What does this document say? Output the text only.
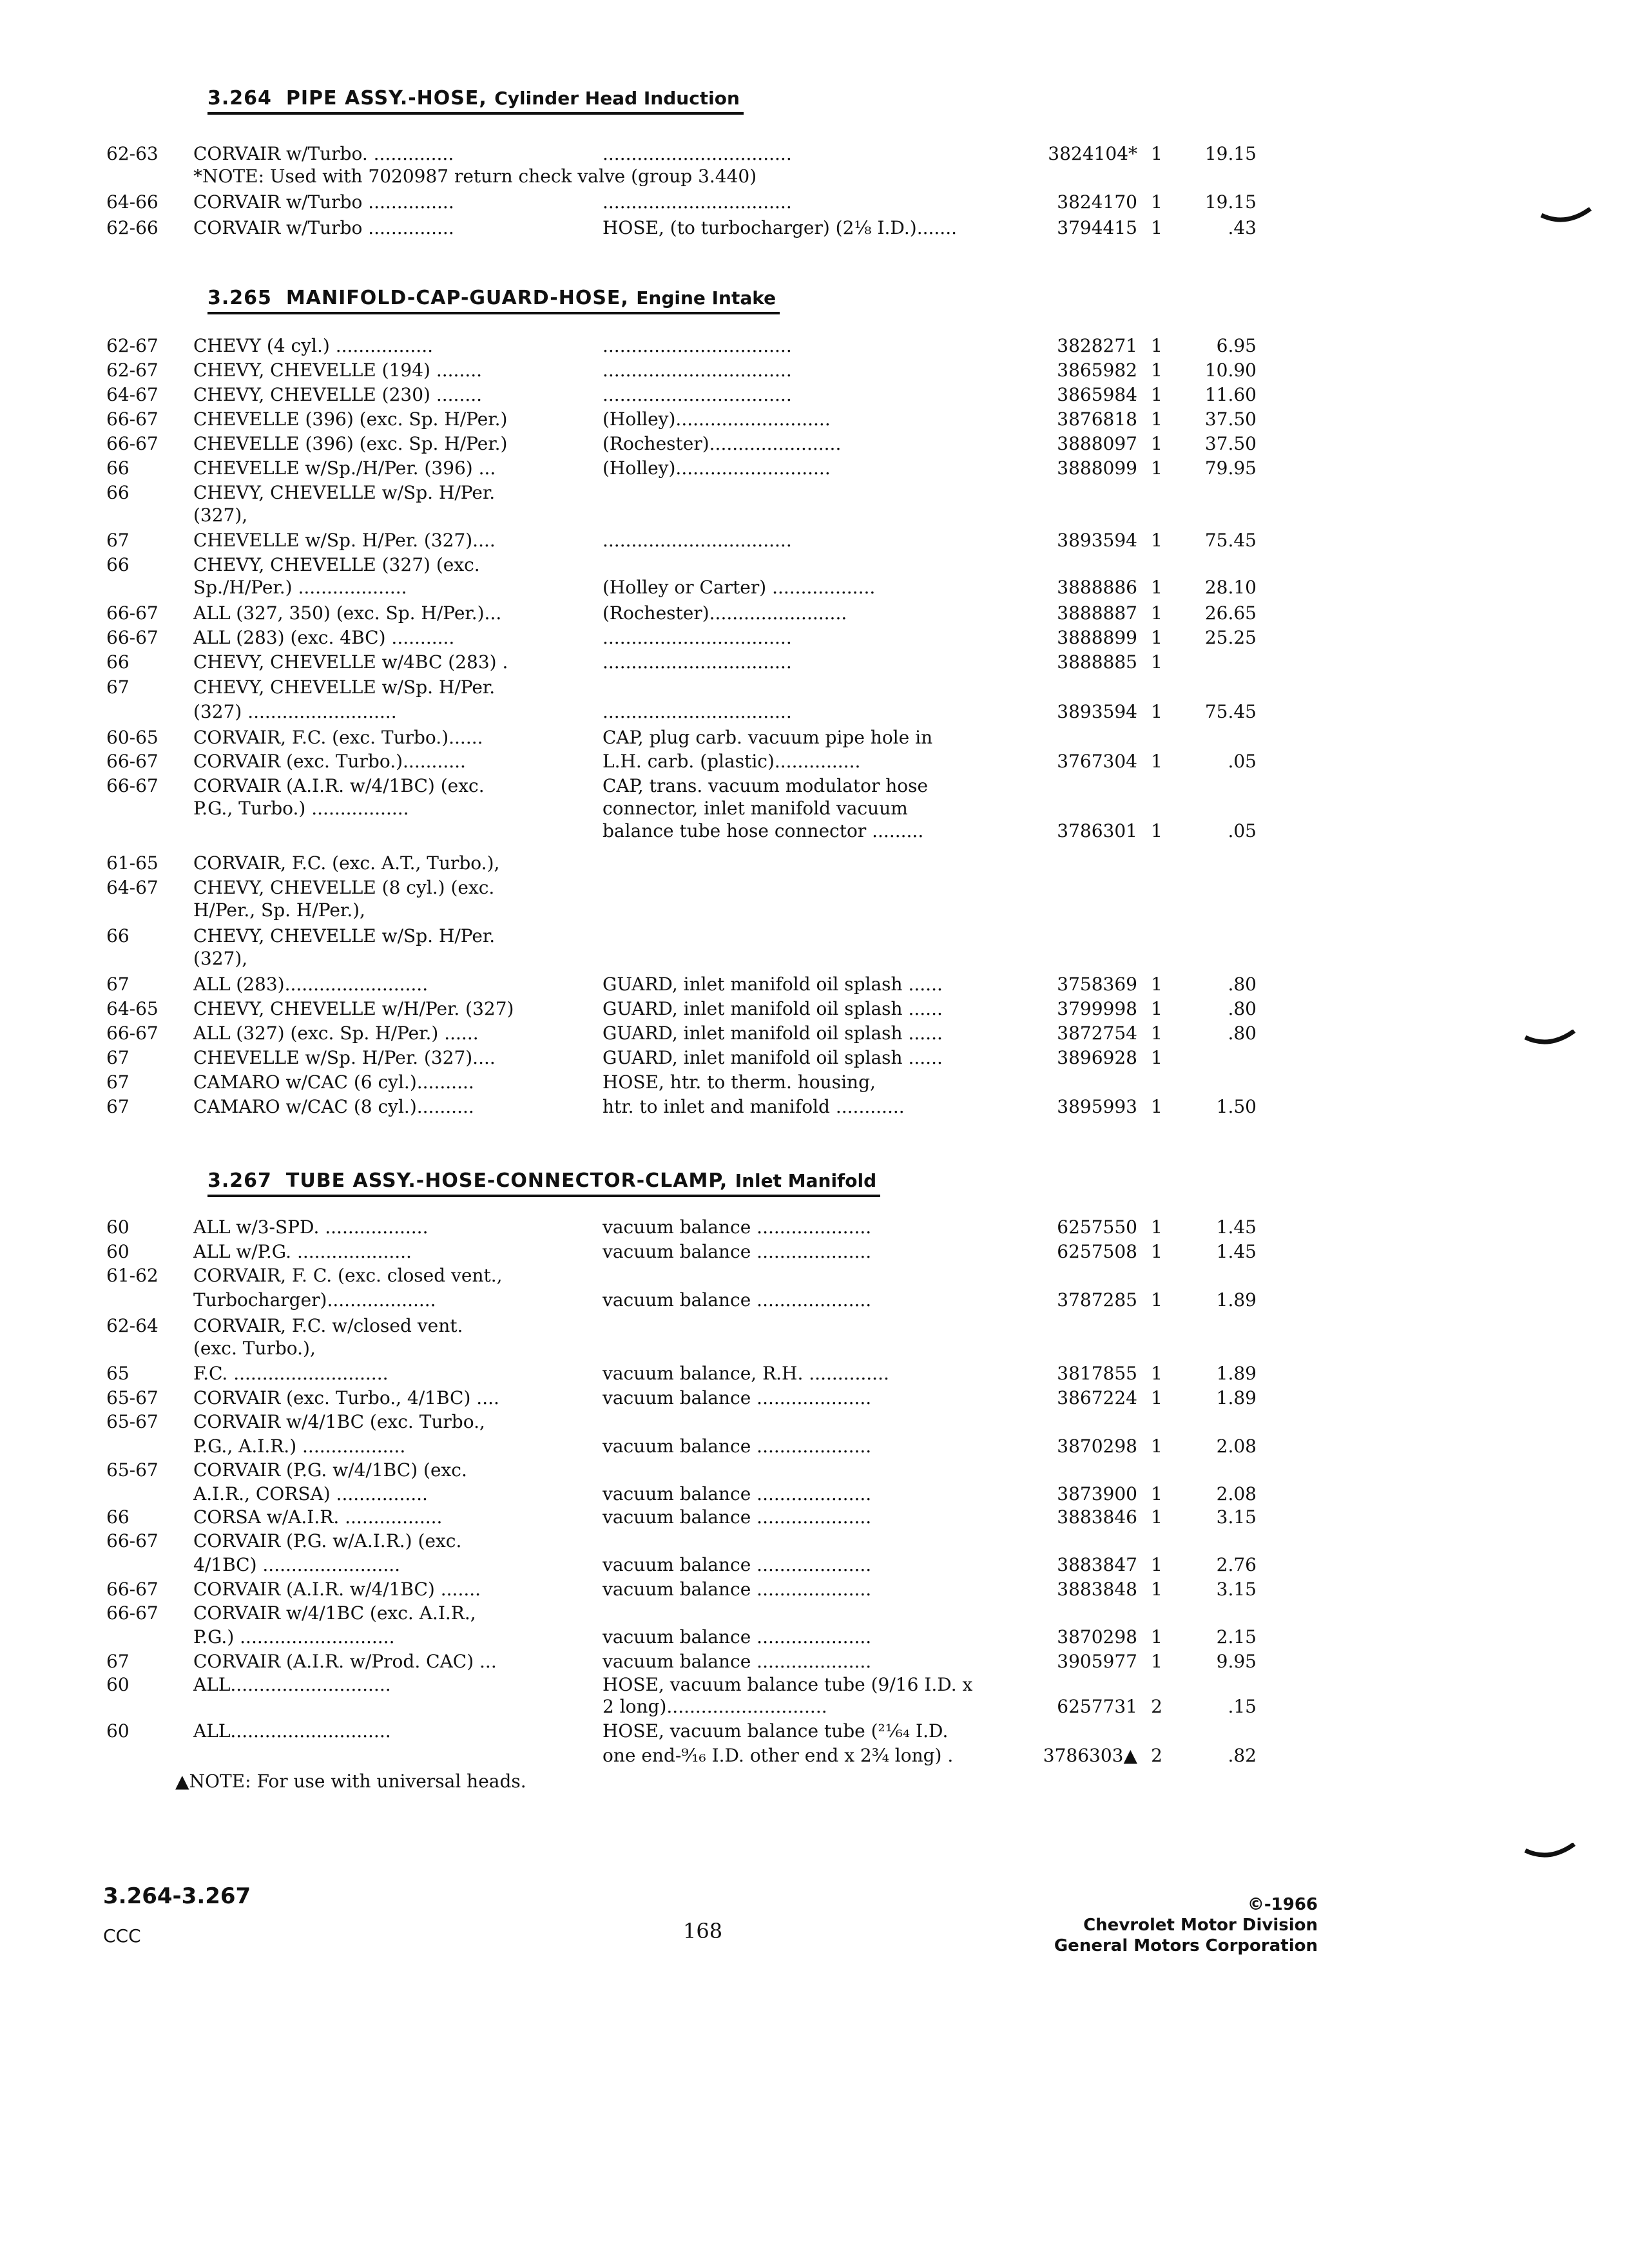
3.264 PIPE ASSY.-HOSE, Cylinder Head Induction
62-63	CORVAIR w/Turbo. ..............	.................................	3824104* 1	19.15
*NOTE: Used with 7020987 return check valve (group 3.440)
64-66	CORVAIR w/Turbo ...............	.................................	3824170 1	19.15
62-66	CORVAIR w/Turbo ...............	HOSE, (to turbocharger) (2⅛ I.D.).......	3794415 1	.43
3.265 MANIFOLD-CAP-GUARD-HOSE, Engine Intake
62-67	CHEVY (4 cyl.) .................	.................................	3828271 1	6.95
62-67	CHEVY, CHEVELLE (194) ........	.................................	3865982 1	10.90
64-67	CHEVY, CHEVELLE (230) ........	.................................	3865984 1	11.60
66-67	CHEVELLE (396) (exc. Sp. H/Per.)	(Holley)...........................	3876818 1	37.50
66-67	CHEVELLE (396) (exc. Sp. H/Per.)	(Rochester).......................	3888097 1	37.50
66	CHEVELLE w/Sp./H/Per. (396) ...	(Holley)...........................	3888099 1	79.95
66	CHEVY, CHEVELLE w/Sp. H/Per.
(327),
67	CHEVELLE w/Sp. H/Per. (327)....	.................................	3893594 1	75.45
66	CHEVY, CHEVELLE (327) (exc.
Sp./H/Per.) ...................	(Holley or Carter) ..................	3888886 1	28.10
66-67	ALL (327, 350) (exc. Sp. H/Per.)...	(Rochester)........................	3888887 1	26.65
66-67	ALL (283) (exc. 4BC) ...........	.................................	3888899 1	25.25
66	CHEVY, CHEVELLE w/4BC (283) .	.................................	3888885 1
67	CHEVY, CHEVELLE w/Sp. H/Per.
(327) ..........................	.................................	3893594 1	75.45
60-65	CORVAIR, F.C. (exc. Turbo.)......	CAP, plug carb. vacuum pipe hole in
66-67	CORVAIR (exc. Turbo.)...........	L.H. carb. (plastic)...............	3767304 1	.05
66-67	CORVAIR (A.I.R. w/4/1BC) (exc.	CAP, trans. vacuum modulator hose
P.G., Turbo.) .................	connector, inlet manifold vacuum
balance tube hose connector .........	3786301 1	.05
61-65	CORVAIR, F.C. (exc. A.T., Turbo.),
64-67	CHEVY, CHEVELLE (8 cyl.) (exc.
H/Per., Sp. H/Per.),
66	CHEVY, CHEVELLE w/Sp. H/Per.
(327),
67	ALL (283).........................	GUARD, inlet manifold oil splash ......	3758369 1	.80
64-65	CHEVY, CHEVELLE w/H/Per. (327)	GUARD, inlet manifold oil splash ......	3799998 1	.80
66-67	ALL (327) (exc. Sp. H/Per.) ......	GUARD, inlet manifold oil splash ......	3872754 1	.80
67	CHEVELLE w/Sp. H/Per. (327)....	GUARD, inlet manifold oil splash ......	3896928 1
67	CAMARO w/CAC (6 cyl.)..........	HOSE, htr. to therm. housing,
67	CAMARO w/CAC (8 cyl.)..........	htr. to inlet and manifold ............	3895993 1	1.50
3.267 TUBE ASSY.-HOSE-CONNECTOR-CLAMP, Inlet Manifold
60	ALL w/3-SPD. ..................	vacuum balance ....................	6257550 1	1.45
60	ALL w/P.G. ....................	vacuum balance ....................	6257508 1	1.45
61-62	CORVAIR, F. C. (exc. closed vent.,
Turbocharger)...................	vacuum balance ....................	3787285 1	1.89
62-64	CORVAIR, F.C. w/closed vent.
(exc. Turbo.),
65	F.C. ...........................	vacuum balance, R.H. ..............	3817855 1	1.89
65-67	CORVAIR (exc. Turbo., 4/1BC) ....	vacuum balance ....................	3867224 1	1.89
65-67	CORVAIR w/4/1BC (exc. Turbo.,
P.G., A.I.R.) ..................	vacuum balance ....................	3870298 1	2.08
65-67	CORVAIR (P.G. w/4/1BC) (exc.
A.I.R., CORSA) ................	vacuum balance ....................	3873900 1	2.08
66	CORSA w/A.I.R. .................	vacuum balance ....................	3883846 1	3.15
66-67	CORVAIR (P.G. w/A.I.R.) (exc.
4/1BC) ........................	vacuum balance ....................	3883847 1	2.76
66-67	CORVAIR (A.I.R. w/4/1BC) .......	vacuum balance ....................	3883848 1	3.15
66-67	CORVAIR w/4/1BC (exc. A.I.R.,
P.G.) ...........................	vacuum balance ....................	3870298 1	2.15
67	CORVAIR (A.I.R. w/Prod. CAC) ...	vacuum balance ....................	3905977 1	9.95
60	ALL............................	HOSE, vacuum balance tube (9/16 I.D. x
2 long)............................	6257731 2	.15
60	ALL............................	HOSE, vacuum balance tube (²¹⁄₆₄ I.D.
one end-⁹⁄₁₆ I.D. other end x 2¾ long) .	3786303▲ 2	.82
▲NOTE: For use with universal heads.
3.264-3.267
CCC	168
©-1966
Chevrolet Motor Division
General Motors Corporation
